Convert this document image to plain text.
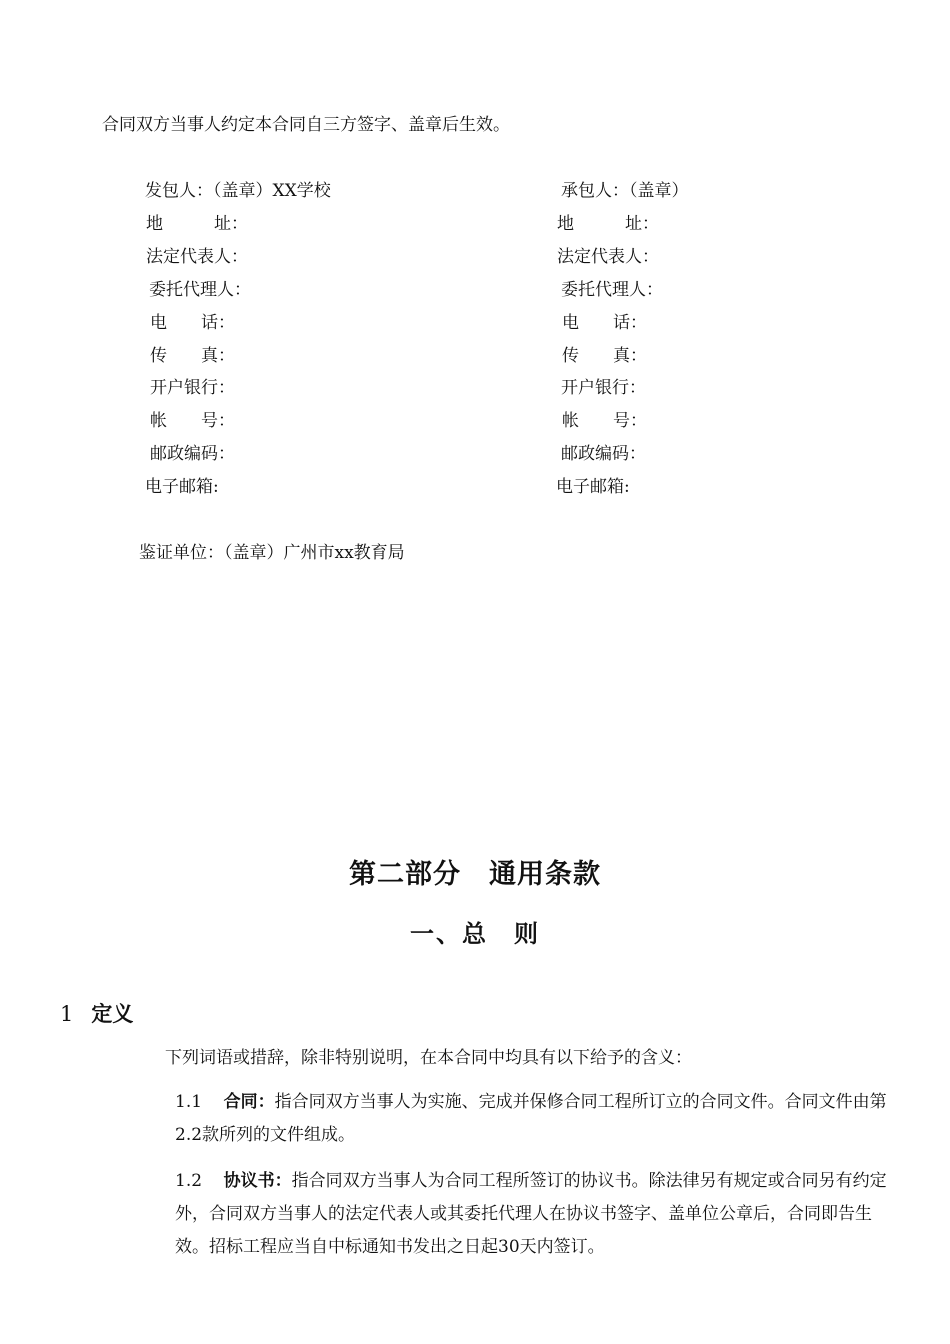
合同双方当事人约定本合同自三方签字、盖章后生效。
发包人：（盖章）XX学校
地　　　址：
法定代表人：
委托代理人：
电　　话：
传　　真：
开户银行：
帐　　号：
邮政编码：
电子邮箱:
承包人：（盖章）
地　　　址：
法定代表人：
委托代理人：
电　　话：
传　　真：
开户银行：
帐　　号：
邮政编码：
电子邮箱:
鉴证单位：（盖章）广州市xx教育局
第二部分　通用条款
一、总　则
1 定义
下列词语或措辞，除非特别说明，在本合同中均具有以下给予的含义：
1.1 合同：指合同双方当事人为实施、完成并保修合同工程所订立的合同文件。合同文件由第2.2款所列的文件组成。
1.2 协议书：指合同双方当事人为合同工程所签订的协议书。除法律另有规定或合同另有约定外，合同双方当事人的法定代表人或其委托代理人在协议书签字、盖单位公章后，合同即告生效。招标工程应当自中标通知书发出之日起30天内签订。
